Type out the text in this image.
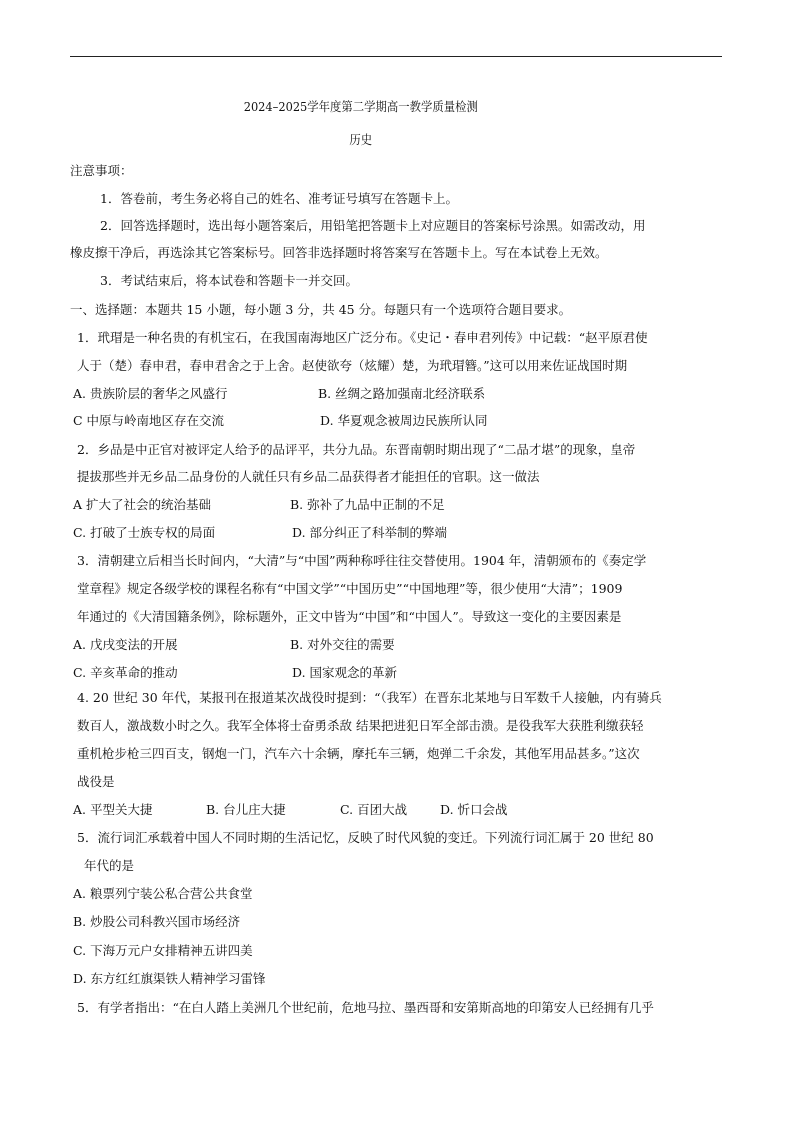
2024–2025学年度第二学期高一教学质量检测
历史
注意事项：
1．答卷前，考生务必将自己的姓名、准考证号填写在答题卡上。
2．回答选择题时，选出每小题答案后，用铅笔把答题卡上对应题目的答案标号涂黑。如需改动，用
橡皮擦干净后，再选涂其它答案标号。回答非选择题时将答案写在答题卡上。写在本试卷上无效。
3．考试结束后，将本试卷和答题卡一并交回。
一、选择题：本题共 15 小题，每小题 3 分，共 45 分。每题只有一个选项符合题目要求。
1．玳瑁是一种名贵的有机宝石，在我国南海地区广泛分布。《史记・春申君列传》中记载：“赵平原君使
人于（楚）春申君，春申君舍之于上舍。赵使欲夸（炫耀）楚，为玳瑁簪。”这可以用来佐证战国时期
A. 贵族阶层的奢华之风盛行	B. 丝绸之路加强南北经济联系
C 中原与岭南地区存在交流	D. 华夏观念被周边民族所认同
2．乡品是中正官对被评定人给予的品评平，共分九品。东晋南朝时期出现了“二品才堪”的现象，皇帝
提拔那些并无乡品二品身份的人就任只有乡品二品获得者才能担任的官职。这一做法
A 扩大了社会的统治基础	B. 弥补了九品中正制的不足
C. 打破了士族专权的局面	D. 部分纠正了科举制的弊端
3．清朝建立后相当长时间内，“大清”与“中国”两种称呼往往交替使用。1904 年，清朝颁布的《奏定学
堂章程》规定各级学校的课程名称有“中国文学”“中国历史”“中国地理”等，很少使用“大清”；1909
年通过的《大清国籍条例》，除标题外，正文中皆为“中国”和“中国人”。导致这一变化的主要因素是
A. 戊戌变法的开展	B. 对外交往的需要
C. 辛亥革命的推动	D. 国家观念的革新
4. 20 世纪 30 年代，某报刊在报道某次战役时提到：“（我军）在晋东北某地与日军数千人接触，内有骑兵
数百人，激战数小时之久。我军全体将士奋勇杀敌 结果把进犯日军全部击溃。是役我军大获胜利缴获轻
重机枪步枪三四百支，钢炮一门，汽车六十余辆，摩托车三辆，炮弹二千余发，其他军用品甚多。”这次
战役是
A. 平型关大捷	B. 台儿庄大捷	C. 百团大战	D. 忻口会战
5．流行词汇承载着中国人不同时期的生活记忆，反映了时代风貌的变迁。下列流行词汇属于 20 世纪 80
年代的是
A. 粮票列宁装公私合营公共食堂
B. 炒股公司科教兴国市场经济
C. 下海万元户女排精神五讲四美
D. 东方红红旗渠铁人精神学习雷锋
5．有学者指出：“在白人踏上美洲几个世纪前，危地马拉、墨西哥和安第斯高地的印第安人已经拥有几乎
